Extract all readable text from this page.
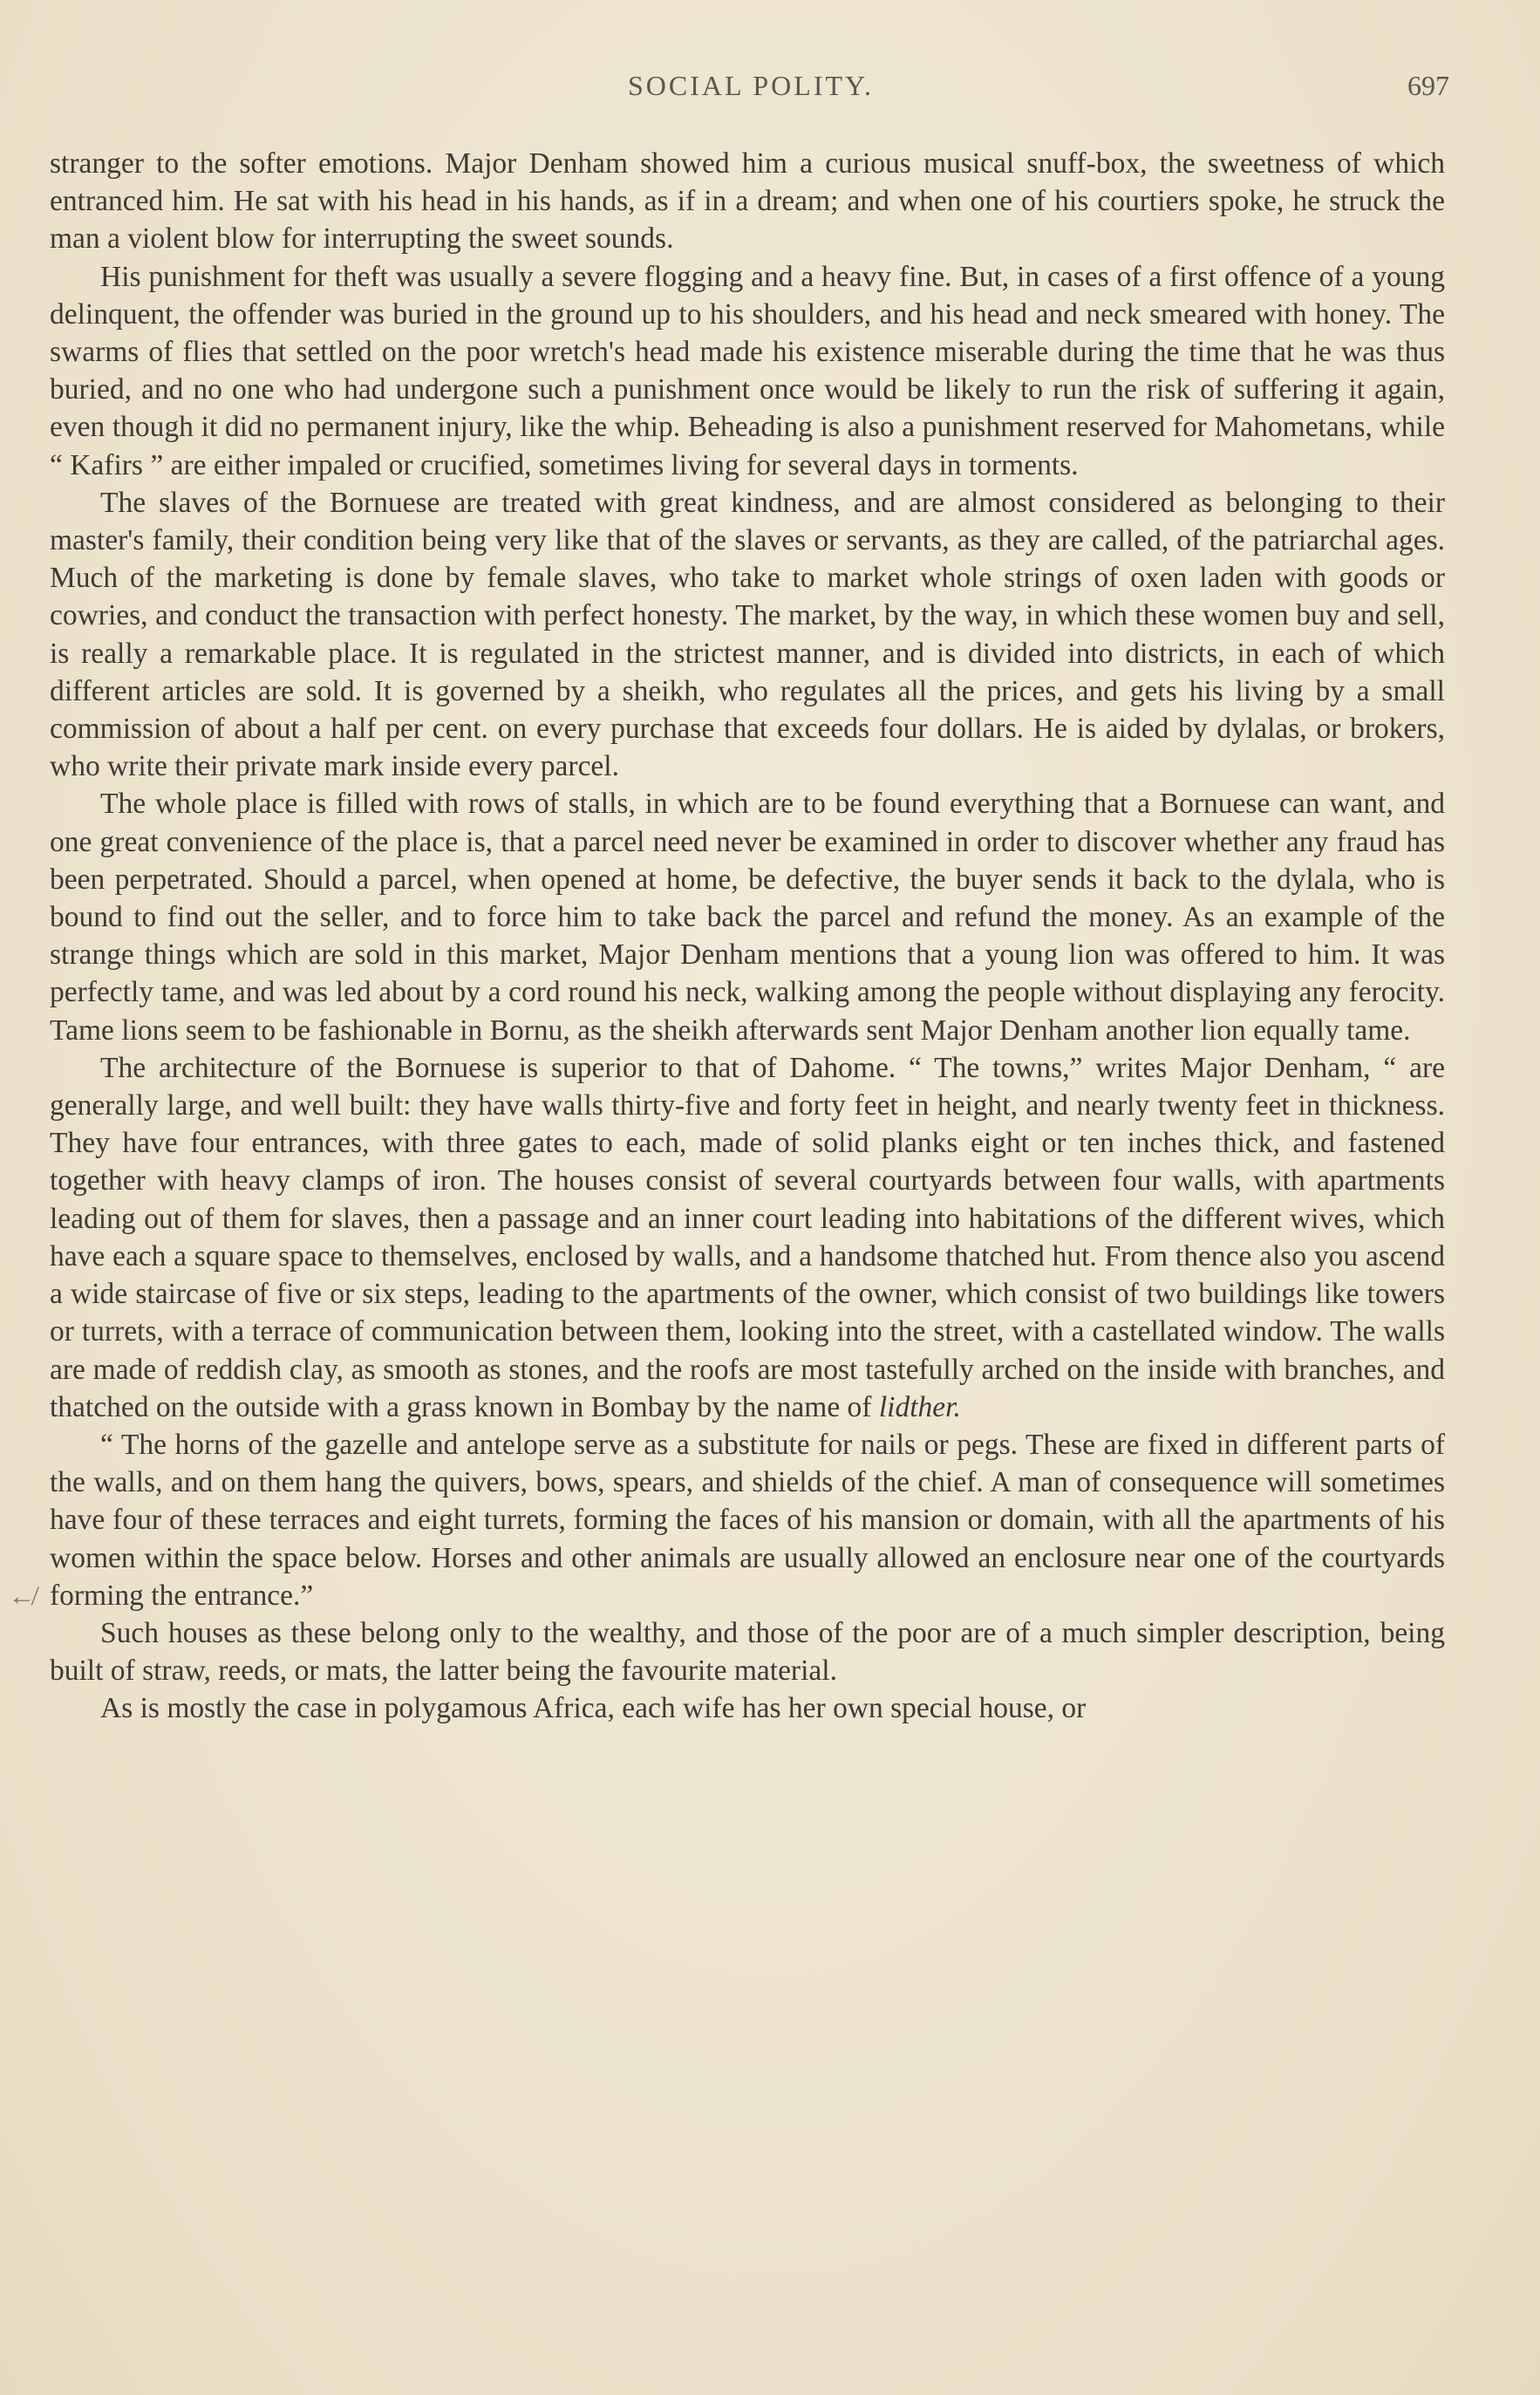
SOCIAL POLITY.	697

stranger to the softer emotions. Major Denham showed him a curious musical snuff-box, the sweetness of which entranced him. He sat with his head in his hands, as if in a dream; and when one of his courtiers spoke, he struck the man a violent blow for interrupting the sweet sounds.

His punishment for theft was usually a severe flogging and a heavy fine. But, in cases of a first offence of a young delinquent, the offender was buried in the ground up to his shoulders, and his head and neck smeared with honey. The swarms of flies that settled on the poor wretch's head made his existence miserable during the time that he was thus buried, and no one who had undergone such a punishment once would be likely to run the risk of suffering it again, even though it did no permanent injury, like the whip. Beheading is also a punishment reserved for Mahometans, while “ Kafirs ” are either impaled or crucified, sometimes living for several days in torments.

The slaves of the Bornuese are treated with great kindness, and are almost considered as belonging to their master's family, their condition being very like that of the slaves or servants, as they are called, of the patriarchal ages. Much of the marketing is done by female slaves, who take to market whole strings of oxen laden with goods or cowries, and conduct the transaction with perfect honesty. The market, by the way, in which these women buy and sell, is really a remarkable place. It is regulated in the strictest manner, and is divided into districts, in each of which different articles are sold. It is governed by a sheikh, who regulates all the prices, and gets his living by a small commission of about a half per cent. on every purchase that exceeds four dollars. He is aided by dylalas, or brokers, who write their private mark inside every parcel.

The whole place is filled with rows of stalls, in which are to be found everything that a Bornuese can want, and one great convenience of the place is, that a parcel need never be examined in order to discover whether any fraud has been perpetrated. Should a parcel, when opened at home, be defective, the buyer sends it back to the dylala, who is bound to find out the seller, and to force him to take back the parcel and refund the money. As an example of the strange things which are sold in this market, Major Denham mentions that a young lion was offered to him. It was perfectly tame, and was led about by a cord round his neck, walking among the people without displaying any ferocity. Tame lions seem to be fashionable in Bornu, as the sheikh afterwards sent Major Denham another lion equally tame.

The architecture of the Bornuese is superior to that of Dahome. “ The towns,” writes Major Denham, “ are generally large, and well built: they have walls thirty-five and forty feet in height, and nearly twenty feet in thickness. They have four entrances, with three gates to each, made of solid planks eight or ten inches thick, and fastened together with heavy clamps of iron. The houses consist of several courtyards between four walls, with apartments leading out of them for slaves, then a passage and an inner court leading into habitations of the different wives, which have each a square space to themselves, enclosed by walls, and a handsome thatched hut. From thence also you ascend a wide staircase of five or six steps, leading to the apartments of the owner, which consist of two buildings like towers or turrets, with a terrace of communication between them, looking into the street, with a castellated window. The walls are made of reddish clay, as smooth as stones, and the roofs are most tastefully arched on the inside with branches, and thatched on the outside with a grass known in Bombay by the name of lidther.

“ The horns of the gazelle and antelope serve as a substitute for nails or pegs. These are fixed in different parts of the walls, and on them hang the quivers, bows, spears, and shields of the chief. A man of consequence will sometimes have four of these terraces and eight turrets, forming the faces of his mansion or domain, with all the apartments of his women within the space below. Horses and other animals are usually allowed an enclosure near one of the courtyards forming the entrance.”

Such houses as these belong only to the wealthy, and those of the poor are of a much simpler description, being built of straw, reeds, or mats, the latter being the favourite material.

As is mostly the case in polygamous Africa, each wife has her own special house, or

↚
